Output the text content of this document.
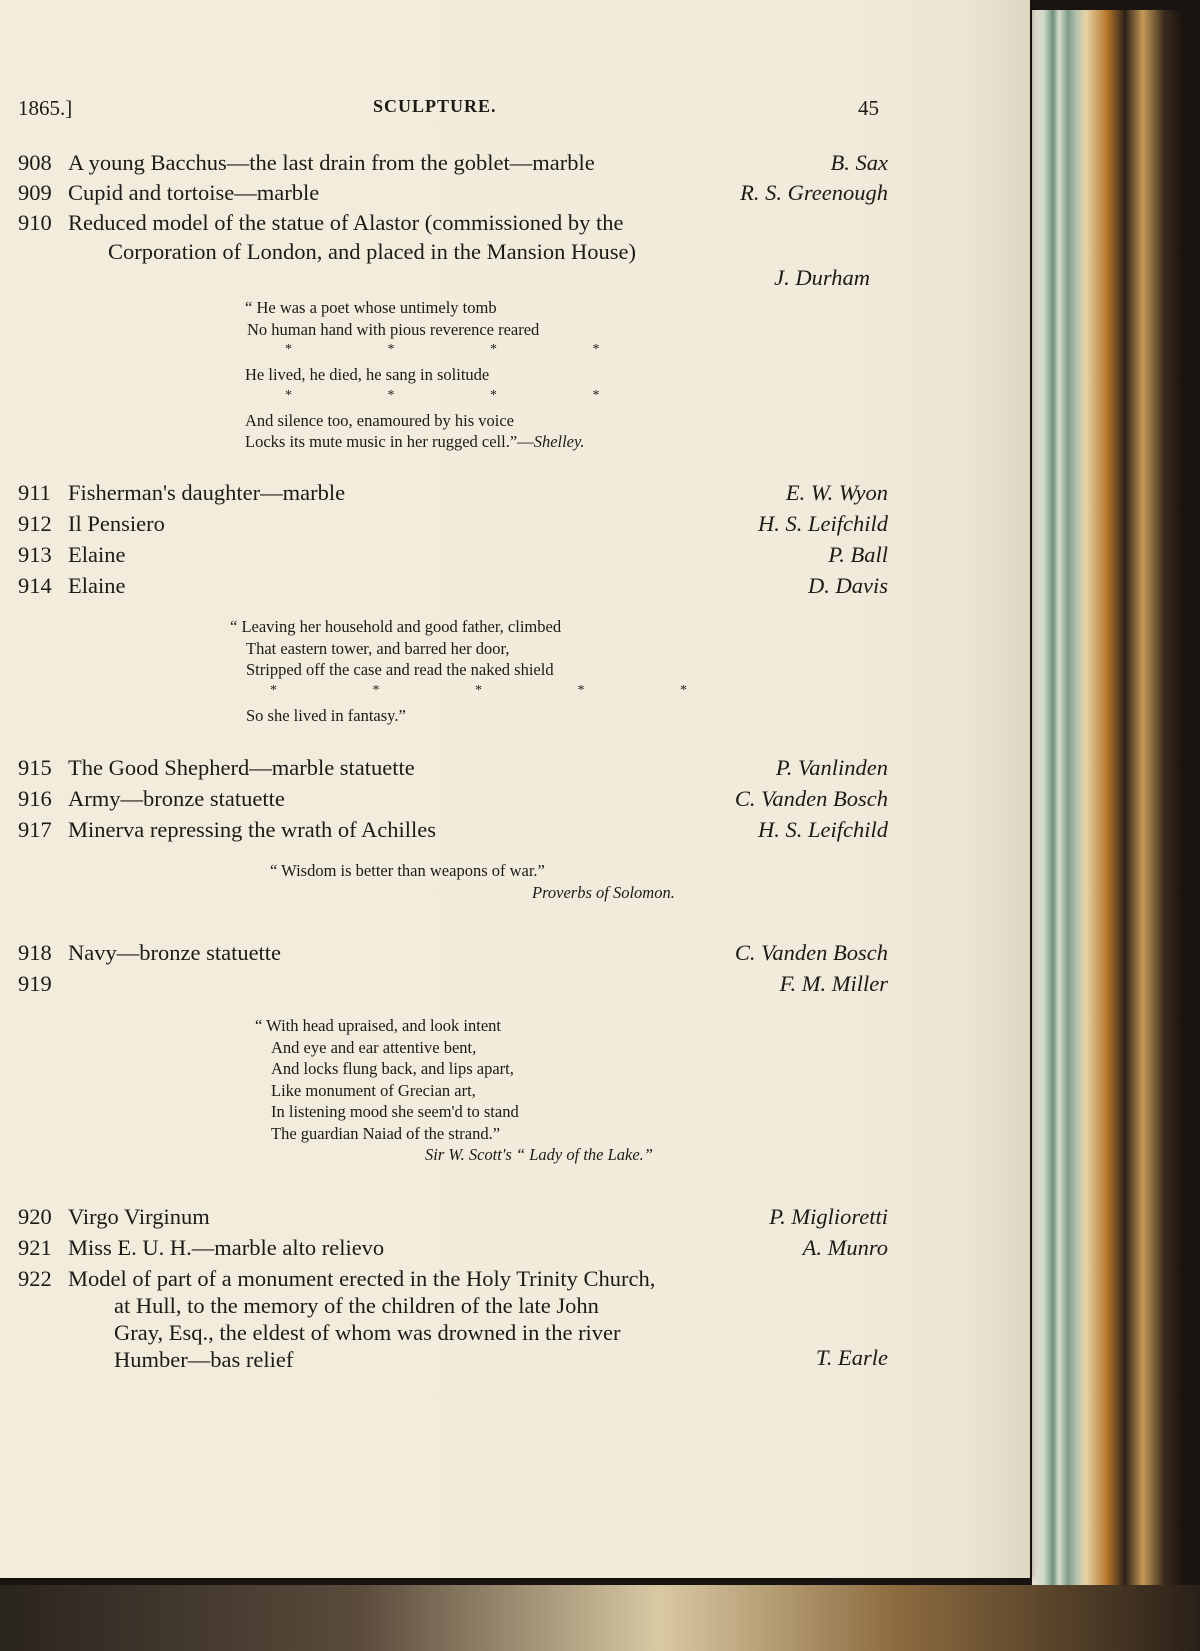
1865.]	SCULPTURE.	45
908 A young Bacchus—the last drain from the goblet—marble	B. Sax
909 Cupid and tortoise—marble	R. S. Greenough
910 Reduced model of the statue of Alastor (commissioned by the
Corporation of London, and placed in the Mansion House)
J. Durham
“ He was a poet whose untimely tomb
No human hand with pious reverence reared
* * * *
He lived, he died, he sang in solitude
* * * *
And silence too, enamoured by his voice
Locks its mute music in her rugged cell.”—Shelley.
911 Fisherman's daughter—marble	E. W. Wyon
912 Il Pensiero	H. S. Leifchild
913 Elaine	P. Ball
914 Elaine	D. Davis
“ Leaving her household and good father, climbed
That eastern tower, and barred her door,
Stripped off the case and read the naked shield
* * * * *
So she lived in fantasy.”
915 The Good Shepherd—marble statuette	P. Vanlinden
916 Army—bronze statuette	C. Vanden Bosch
917 Minerva repressing the wrath of Achilles	H. S. Leifchild
“ Wisdom is better than weapons of war.”
Proverbs of Solomon.
918 Navy—bronze statuette	C. Vanden Bosch
919	F. M. Miller
“ With head upraised, and look intent
And eye and ear attentive bent,
And locks flung back, and lips apart,
Like monument of Grecian art,
In listening mood she seem'd to stand
The guardian Naiad of the strand.”
Sir W. Scott's “ Lady of the Lake.”
920 Virgo Virginum	P. Miglioretti
921 Miss E. U. H.—marble alto relievo	A. Munro
922 Model of part of a monument erected in the Holy Trinity Church,
at Hull, to the memory of the children of the late John
Gray, Esq., the eldest of whom was drowned in the river
Humber—bas relief	T. Earle
